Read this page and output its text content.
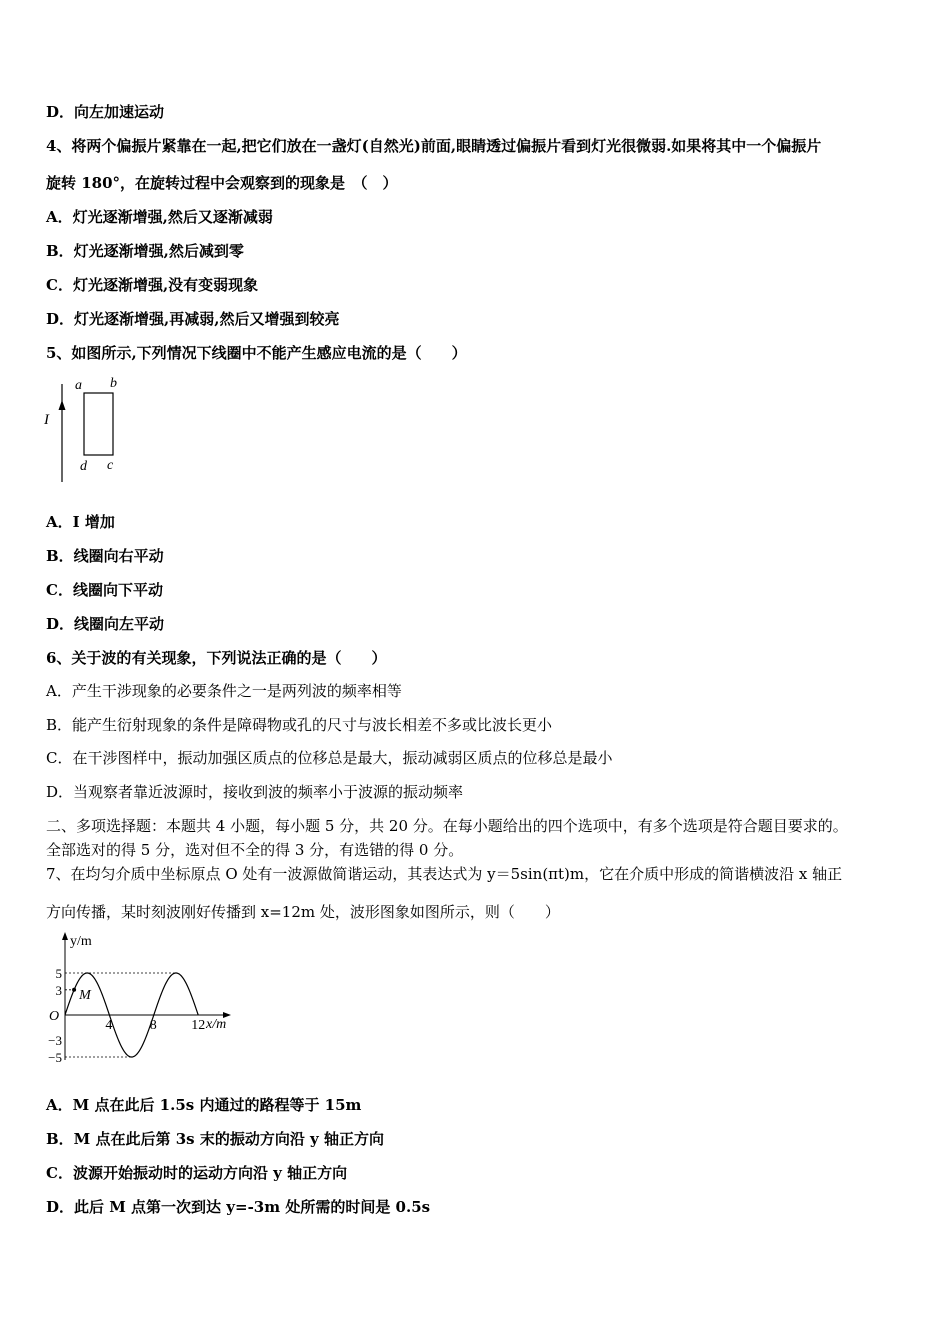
D．向左加速运动
4、将两个偏振片紧靠在一起,把它们放在一盏灯(自然光)前面,眼睛透过偏振片看到灯光很微弱.如果将其中一个偏振片
旋转 180°，在旋转过程中会观察到的现象是　（　）
A．灯光逐渐增强,然后又逐渐减弱
B．灯光逐渐增强,然后减到零
C．灯光逐渐增强,没有变弱现象
D．灯光逐渐增强,再减弱,然后又增强到较亮
5、如图所示,下列情况下线圈中不能产生感应电流的是（　　）
I
a b
d c
A．I 增加
B．线圈向右平动
C．线圈向下平动
D．线圈向左平动
6、关于波的有关现象，下列说法正确的是（　　）
A．产生干涉现象的必要条件之一是两列波的频率相等
B．能产生衍射现象的条件是障碍物或孔的尺寸与波长相差不多或比波长更小
C．在干涉图样中，振动加强区质点的位移总是最大，振动减弱区质点的位移总是最小
D．当观察者靠近波源时，接收到波的频率小于波源的振动频率
二、多项选择题：本题共 4 小题，每小题 5 分，共 20 分。在每小题给出的四个选项中，有多个选项是符合题目要求的。
全部选对的得 5 分，选对但不全的得 3 分，有选错的得 0 分。
7、在均匀介质中坐标原点 O 处有一波源做简谐运动，其表达式为 y＝5sin(πt)m，它在介质中形成的简谐横波沿 x 轴正
方向传播，某时刻波刚好传播到 x=12m 处，波形图象如图所示，则（　　）
y/m
x/m
O
4	8 12
5
3
−3
−5
M
A．M 点在此后 1.5s 内通过的路程等于 15m
B．M 点在此后第 3s 末的振动方向沿 y 轴正方向
C．波源开始振动时的运动方向沿 y 轴正方向
D．此后 M 点第一次到达 y=-3m 处所需的时间是 0.5s
